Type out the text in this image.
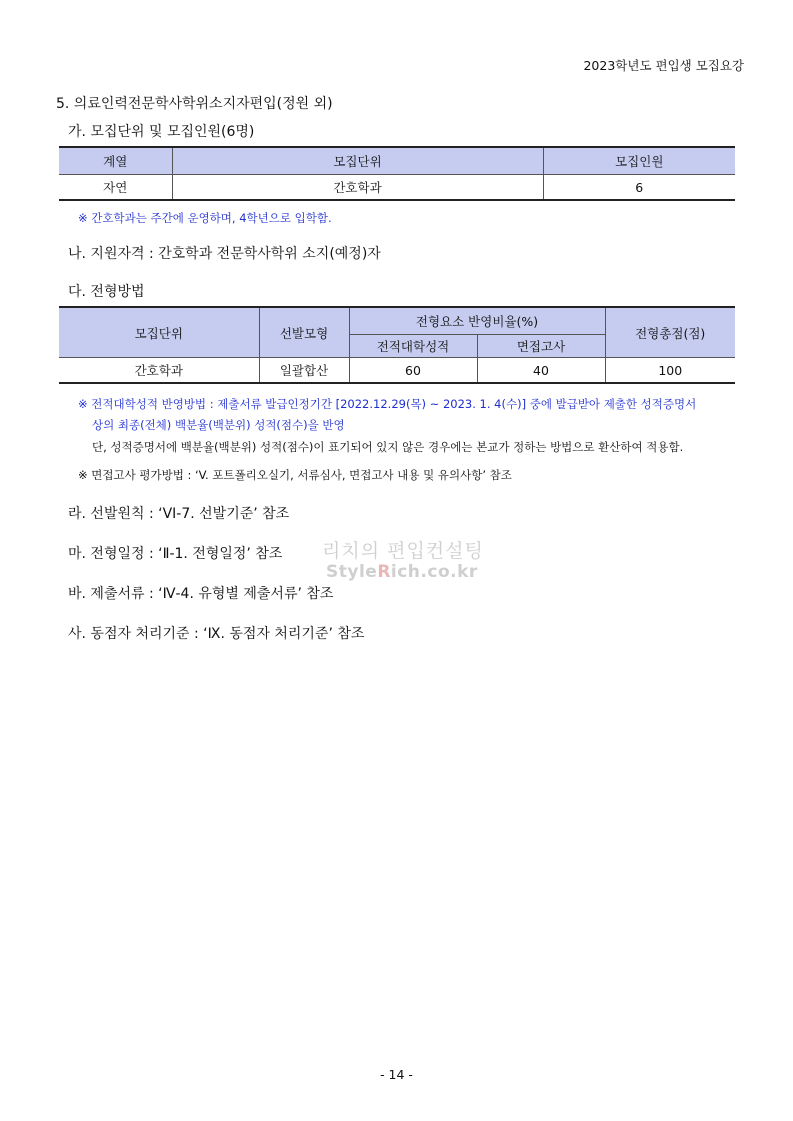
2023학년도 편입생 모집요강
5. 의료인력전문학사학위소지자편입(정원 외)
가. 모집단위 및 모집인원(6명)
계열	모집단위	모집인원
자연	간호학과	6
※ 간호학과는 주간에 운영하며, 4학년으로 입학함.
나. 지원자격 : 간호학과 전문학사학위 소지(예정)자
다. 전형방법
모집단위	선발모형	전형요소 반영비율(%)		전형총점(점)
		전적대학성적	면접고사	
간호학과	일괄합산	60	40	100
※ 전적대학성적 반영방법 : 제출서류 발급인정기간 [2022.12.29(목) ~ 2023. 1. 4(수)] 중에 발급받아 제출한 성적증명서
상의 최종(전체) 백분율(백분위) 성적(점수)을 반영
단, 성적증명서에 백분율(백분위) 성적(점수)이 표기되어 있지 않은 경우에는 본교가 정하는 방법으로 환산하여 적용함.
※ 면접고사 평가방법 : ‘V. 포트폴리오실기, 서류심사, 면접고사 내용 및 유의사항’ 참조
라. 선발원칙 : ‘VI-7. 선발기준’ 참조
마. 전형일정 : ‘Ⅱ-1. 전형일정’ 참조
바. 제출서류 : ‘Ⅳ-4. 유형별 제출서류’ 참조
사. 동점자 처리기준 : ‘Ⅸ. 동점자 처리기준’ 참조
리치의 편입컨설팅
StyleRich.co.kr
- 14 -
